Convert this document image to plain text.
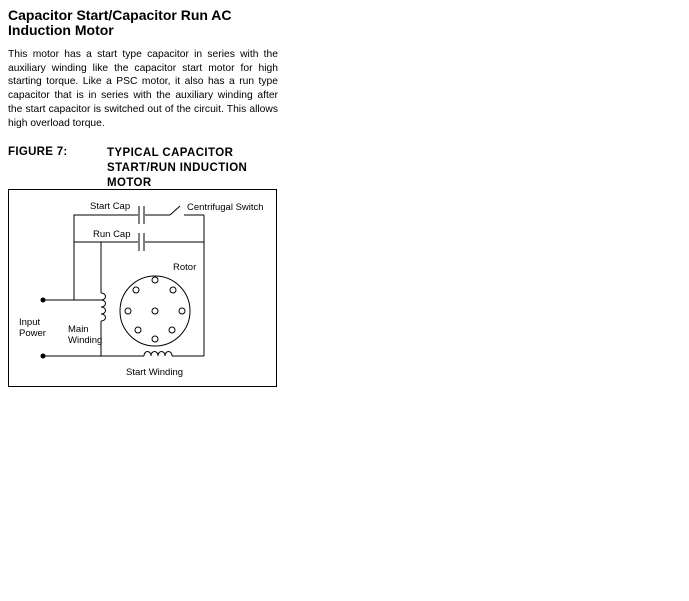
Capacitor Start/Capacitor Run AC
Induction Motor
This motor has a start type capacitor in series with the auxiliary winding like the capacitor start motor for high starting torque. Like a PSC motor, it also has a run type capacitor that is in series with the auxiliary winding after the start capacitor is switched out of the circuit. This allows high overload torque.
FIGURE 7:	TYPICAL CAPACITOR
START/RUN INDUCTION
MOTOR
Start Cap	Centrifugal Switch
Run Cap
Rotor
Input
Power Main
Winding
Start Winding
